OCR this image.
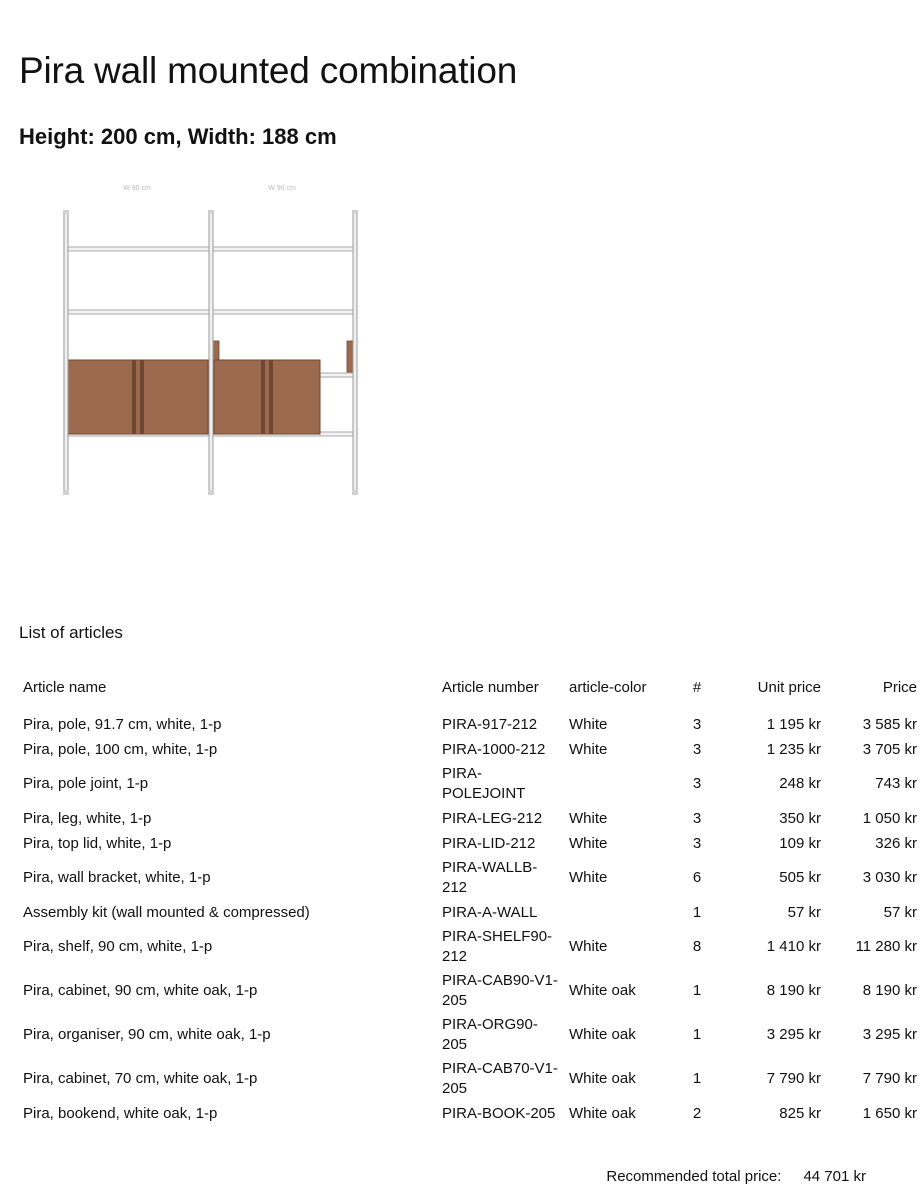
Pira wall mounted combination
Height: 200 cm, Width: 188 cm
W 90 cm	W 90 cm
List of articles
Article name	Article number	article-color	#	Unit price	Price
Pira, pole, 91.7 cm, white, 1-p	PIRA-917-212	White	3	1 195 kr	3 585 kr
Pira, pole, 100 cm, white, 1-p	PIRA-1000-212	White	3	1 235 kr	3 705 kr
Pira, pole joint, 1-p	PIRA-POLEJOINT		3	248 kr	743 kr
Pira, leg, white, 1-p	PIRA-LEG-212	White	3	350 kr	1 050 kr
Pira, top lid, white, 1-p	PIRA-LID-212	White	3	109 kr	326 kr
Pira, wall bracket, white, 1-p	PIRA-WALLB-212	White	6	505 kr	3 030 kr
Assembly kit (wall mounted & compressed)	PIRA-A-WALL		1	57 kr	57 kr
Pira, shelf, 90 cm, white, 1-p	PIRA-SHELF90-212	White	8	1 410 kr	11 280 kr
Pira, cabinet, 90 cm, white oak, 1-p	PIRA-CAB90-V1-205	White oak	1	8 190 kr	8 190 kr
Pira, organiser, 90 cm, white oak, 1-p	PIRA-ORG90-205	White oak	1	3 295 kr	3 295 kr
Pira, cabinet, 70 cm, white oak, 1-p	PIRA-CAB70-V1-205	White oak	1	7 790 kr	7 790 kr
Pira, bookend, white oak, 1-p	PIRA-BOOK-205	White oak	2	825 kr	1 650 kr
Recommended total price: 44 701 kr
